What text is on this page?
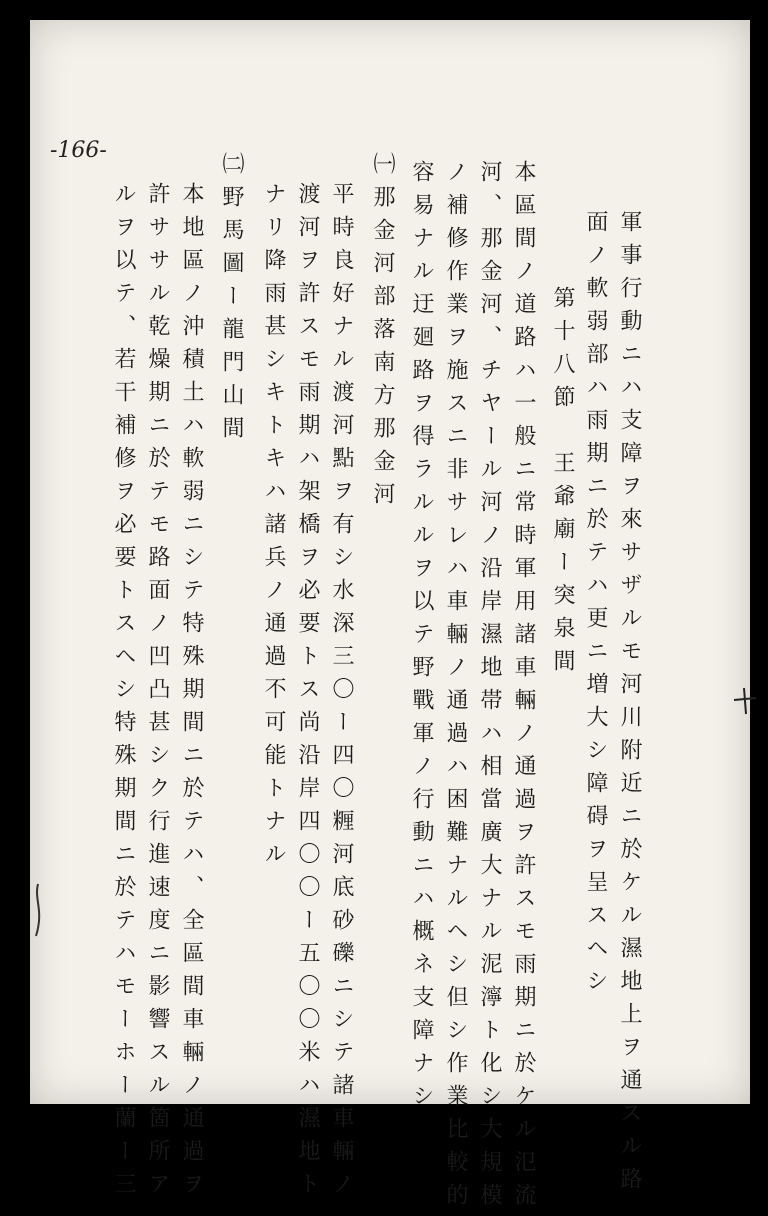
-166-
軍事行動ニハ支障ヲ來サザルモ河川附近ニ於ケル濕地上ヲ通スル路
面ノ軟弱部ハ雨期ニ於テハ更ニ増大シ障碍ヲ呈スヘシ
第十八節　王爺廟ー突泉間
本區間ノ道路ハ一般ニ常時軍用諸車輛ノ通過ヲ許スモ雨期ニ於ケル氾流
河、那金河、チヤール河ノ沿岸濕地帯ハ相當廣大ナル泥濘ト化シ大規模
ノ補修作業ヲ施スニ非サレハ車輛ノ通過ハ困難ナルヘシ但シ作業比較的
容易ナル迂廻路ヲ得ラルルヲ以テ野戰軍ノ行動ニハ概ネ支障ナシ
㈠那金河部落南方那金河
平時良好ナル渡河點ヲ有シ水深三〇ー四〇糎河底砂礫ニシテ諸車輛ノ
渡河ヲ許スモ雨期ハ架橋ヲ必要トス尚沿岸四〇〇ー五〇〇米ハ濕地ト
ナリ降雨甚シキトキハ諸兵ノ通過不可能トナル
㈡野馬圖ー龍門山間
本地區ノ沖積土ハ軟弱ニシテ特殊期間ニ於テハ、全區間車輛ノ通過ヲ
許ササル乾燥期ニ於テモ路面ノ凹凸甚シク行進速度ニ影響スル箇所ア
ルヲ以テ、若干補修ヲ必要トスヘシ特殊期間ニ於テハモーホー蘭ー三
